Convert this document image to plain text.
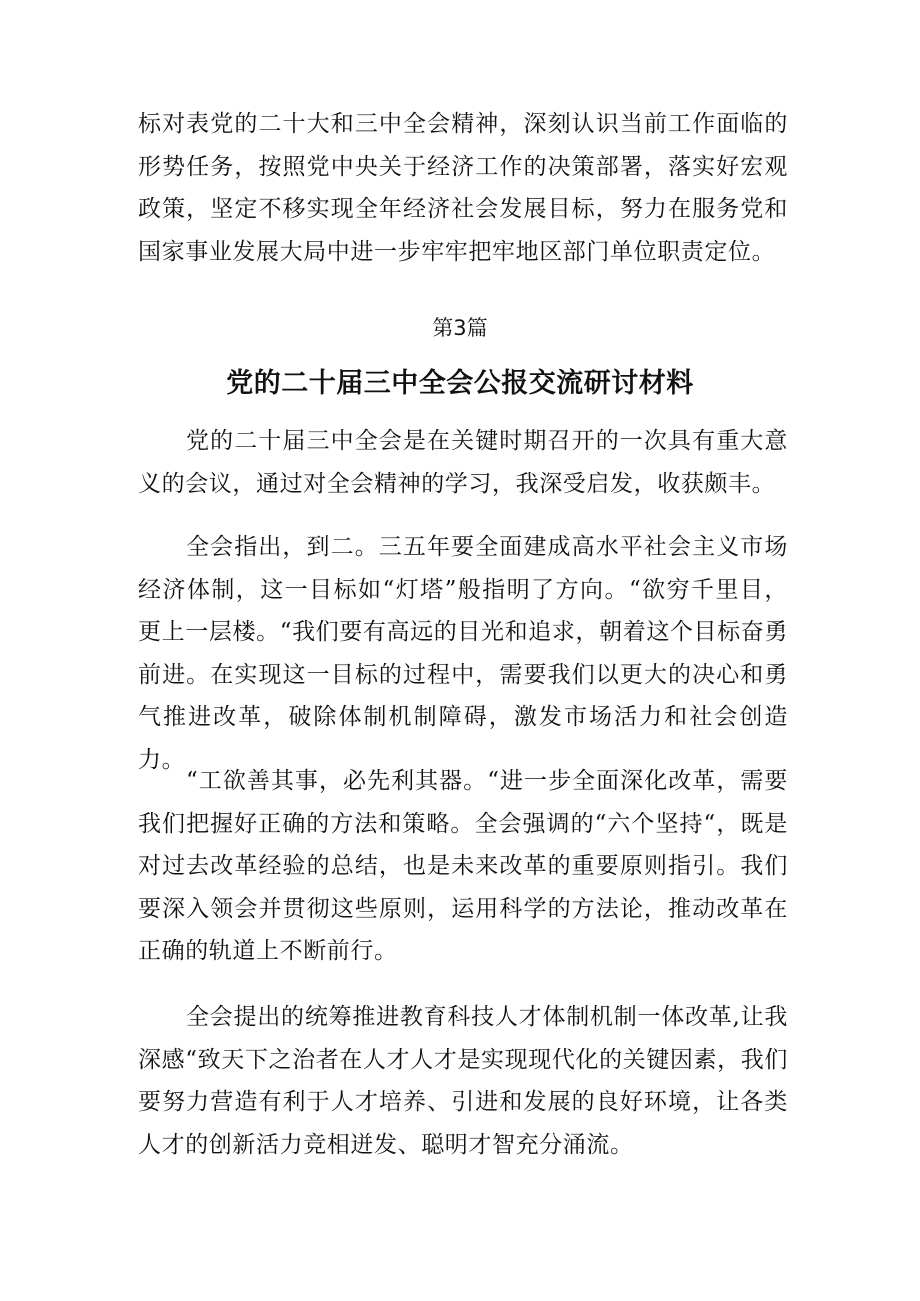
标对表党的二十大和三中全会精神，深刻认识当前工作面临的形势任务，按照党中央关于经济工作的决策部署，落实好宏观政策，坚定不移实现全年经济社会发展目标，努力在服务党和国家事业发展大局中进一步牢牢把牢地区部门单位职责定位。

第3篇

党的二十届三中全会公报交流研讨材料

党的二十届三中全会是在关键时期召开的一次具有重大意义的会议，通过对全会精神的学习，我深受启发，收获颇丰。

全会指出，到二。三五年要全面建成高水平社会主义市场经济体制，这一目标如“灯塔”般指明了方向。“欲穷千里目，更上一层楼。“我们要有高远的目光和追求，朝着这个目标奋勇前进。在实现这一目标的过程中，需要我们以更大的决心和勇气推进改革，破除体制机制障碍，激发市场活力和社会创造力。

“工欲善其事，必先利其器。“进一步全面深化改革，需要我们把握好正确的方法和策略。全会强调的“六个坚持“，既是对过去改革经验的总结，也是未来改革的重要原则指引。我们要深入领会并贯彻这些原则，运用科学的方法论，推动改革在正确的轨道上不断前行。

全会提出的统筹推进教育科技人才体制机制一体改革,让我深感“致天下之治者在人才人才是实现现代化的关键因素，我们要努力营造有利于人才培养、引进和发展的良好环境，让各类人才的创新活力竞相迸发、聪明才智充分涌流。
